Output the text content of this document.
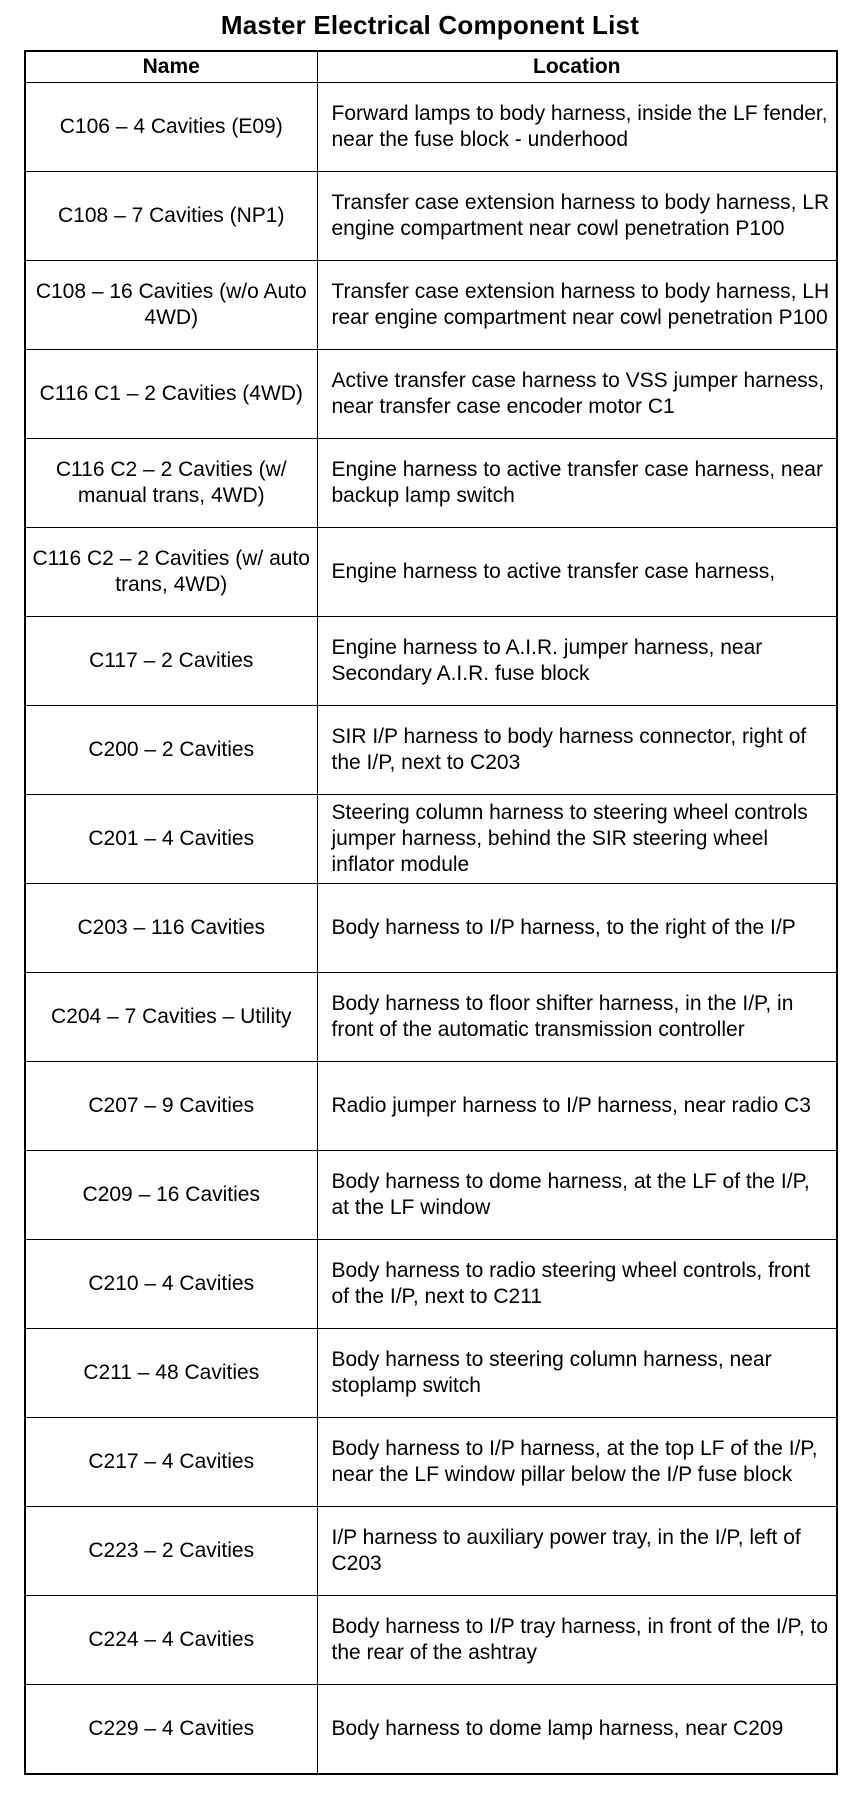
Master Electrical Component List
Name	Location
C106 – 4 Cavities (E09)	Forward lamps to body harness, inside the LF fender, near the fuse block - underhood
C108 – 7 Cavities (NP1)	Transfer case extension harness to body harness, LR engine compartment near cowl penetration P100
C108 – 16 Cavities (w/o Auto 4WD)	Transfer case extension harness to body harness, LH rear engine compartment near cowl penetration P100
C116 C1 – 2 Cavities (4WD)	Active transfer case harness to VSS jumper harness, near transfer case encoder motor C1
C116 C2 – 2 Cavities (w/ manual trans, 4WD)	Engine harness to active transfer case harness, near backup lamp switch
C116 C2 – 2 Cavities (w/ auto trans, 4WD)	Engine harness to active transfer case harness,
C117 – 2 Cavities	Engine harness to A.I.R. jumper harness, near Secondary A.I.R. fuse block
C200 – 2 Cavities	SIR I/P harness to body harness connector, right of the I/P, next to C203
C201 – 4 Cavities	Steering column harness to steering wheel controls jumper harness, behind the SIR steering wheel inflator module
C203 – 116 Cavities	Body harness to I/P harness, to the right of the I/P
C204 – 7 Cavities – Utility	Body harness to floor shifter harness, in the I/P, in front of the automatic transmission controller
C207 – 9 Cavities	Radio jumper harness to I/P harness, near radio C3
C209 – 16 Cavities	Body harness to dome harness, at the LF of the I/P, at the LF window
C210 – 4 Cavities	Body harness to radio steering wheel controls, front of the I/P, next to C211
C211 – 48 Cavities	Body harness to steering column harness, near stoplamp switch
C217 – 4 Cavities	Body harness to I/P harness, at the top LF of the I/P, near the LF window pillar below the I/P fuse block
C223 – 2 Cavities	I/P harness to auxiliary power tray, in the I/P, left of C203
C224 – 4 Cavities	Body harness to I/P tray harness, in front of the I/P, to the rear of the ashtray
C229 – 4 Cavities	Body harness to dome lamp harness, near C209
